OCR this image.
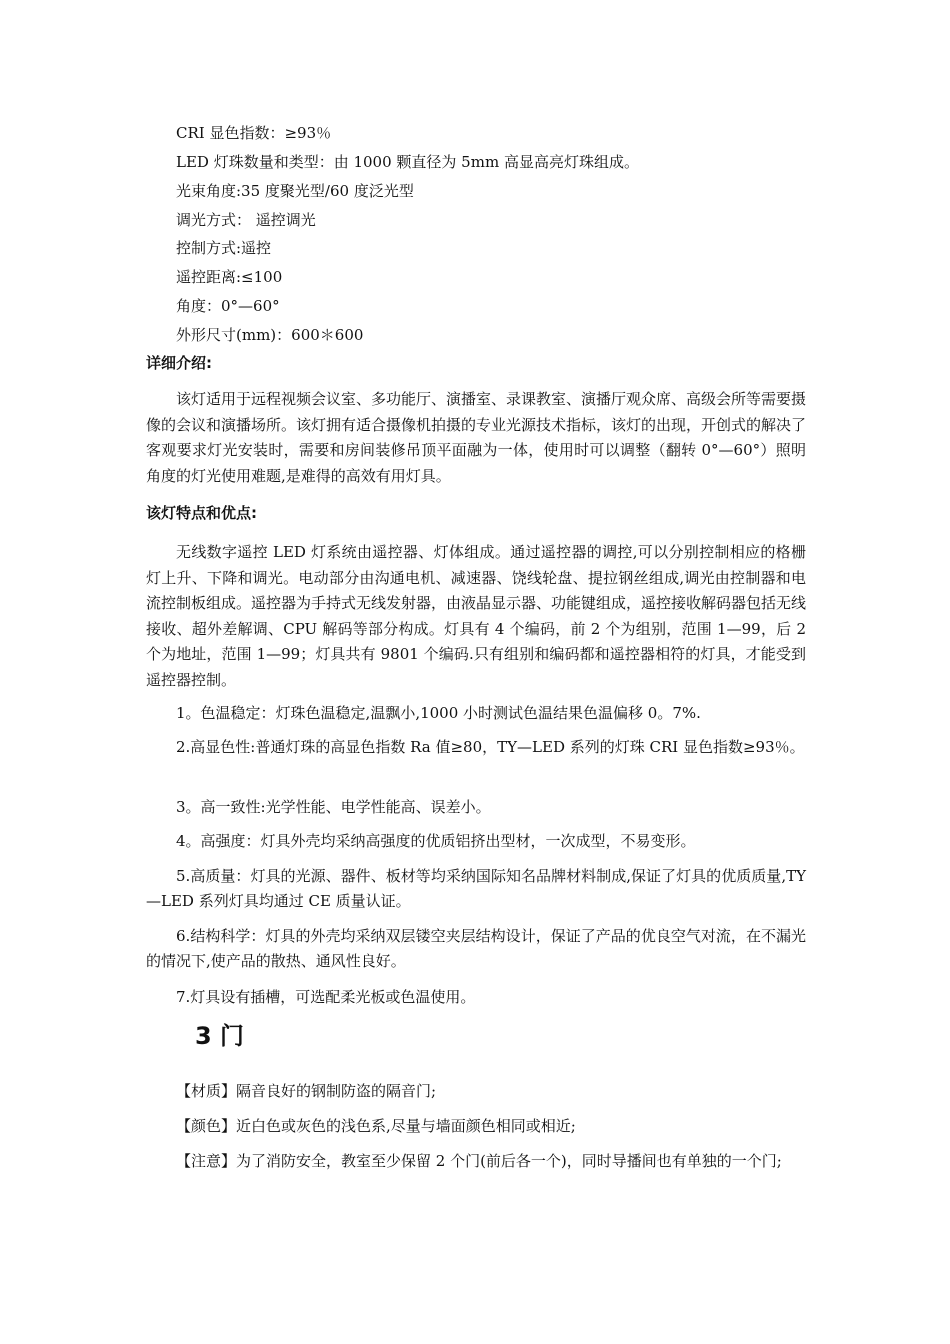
CRI 显色指数：≥93％
LED 灯珠数量和类型：由 1000 颗直径为 5mm 高显高亮灯珠组成。
光束角度:35 度聚光型/60 度泛光型
调光方式： 遥控调光
控制方式:遥控
遥控距离:≤100
角度：0°—60°
外形尺寸(mm)：600＊600
详细介绍:
该灯适用于远程视频会议室、多功能厅、演播室、录课教室、演播厅观众席、高级会所等需要摄像的会议和演播场所。该灯拥有适合摄像机拍摄的专业光源技术指标，该灯的出现，开创式的解决了客观要求灯光安装时，需要和房间装修吊顶平面融为一体，使用时可以调整（翻转 0°—60°）照明角度的灯光使用难题,是难得的高效有用灯具。
该灯特点和优点:
无线数字遥控 LED 灯系统由遥控器、灯体组成。通过遥控器的调控,可以分别控制相应的格栅灯上升、下降和调光。电动部分由沟通电机、减速器、饶线轮盘、提拉钢丝组成,调光由控制器和电流控制板组成。遥控器为手持式无线发射器，由液晶显示器、功能键组成，遥控接收解码器包括无线接收、超外差解调、CPU 解码等部分构成。灯具有 4 个编码，前 2 个为组别，范围 1—99，后 2 个为地址，范围 1—99；灯具共有 9801 个编码.只有组别和编码都和遥控器相符的灯具，才能受到遥控器控制。
1。色温稳定：灯珠色温稳定,温飘小,1000 小时测试色温结果色温偏移 0。7%.
2.高显色性:普通灯珠的高显色指数 Ra 值≥80，TY—LED 系列的灯珠 CRI 显色指数≥93％。
3。高一致性:光学性能、电学性能高、误差小。
4。高强度：灯具外壳均采纳高强度的优质铝挤出型材，一次成型，不易变形。
5.高质量：灯具的光源、器件、板材等均采纳国际知名品牌材料制成,保证了灯具的优质质量,TY—LED 系列灯具均通过 CE 质量认证。
6.结构科学：灯具的外壳均采纳双层镂空夹层结构设计，保证了产品的优良空气对流，在不漏光的情况下,使产品的散热、通风性良好。
7.灯具设有插槽，可选配柔光板或色温使用。
3 门
【材质】隔音良好的钢制防盗的隔音门;
【颜色】近白色或灰色的浅色系,尽量与墙面颜色相同或相近;
【注意】为了消防安全，教室至少保留 2 个门(前后各一个)，同时导播间也有单独的一个门;
